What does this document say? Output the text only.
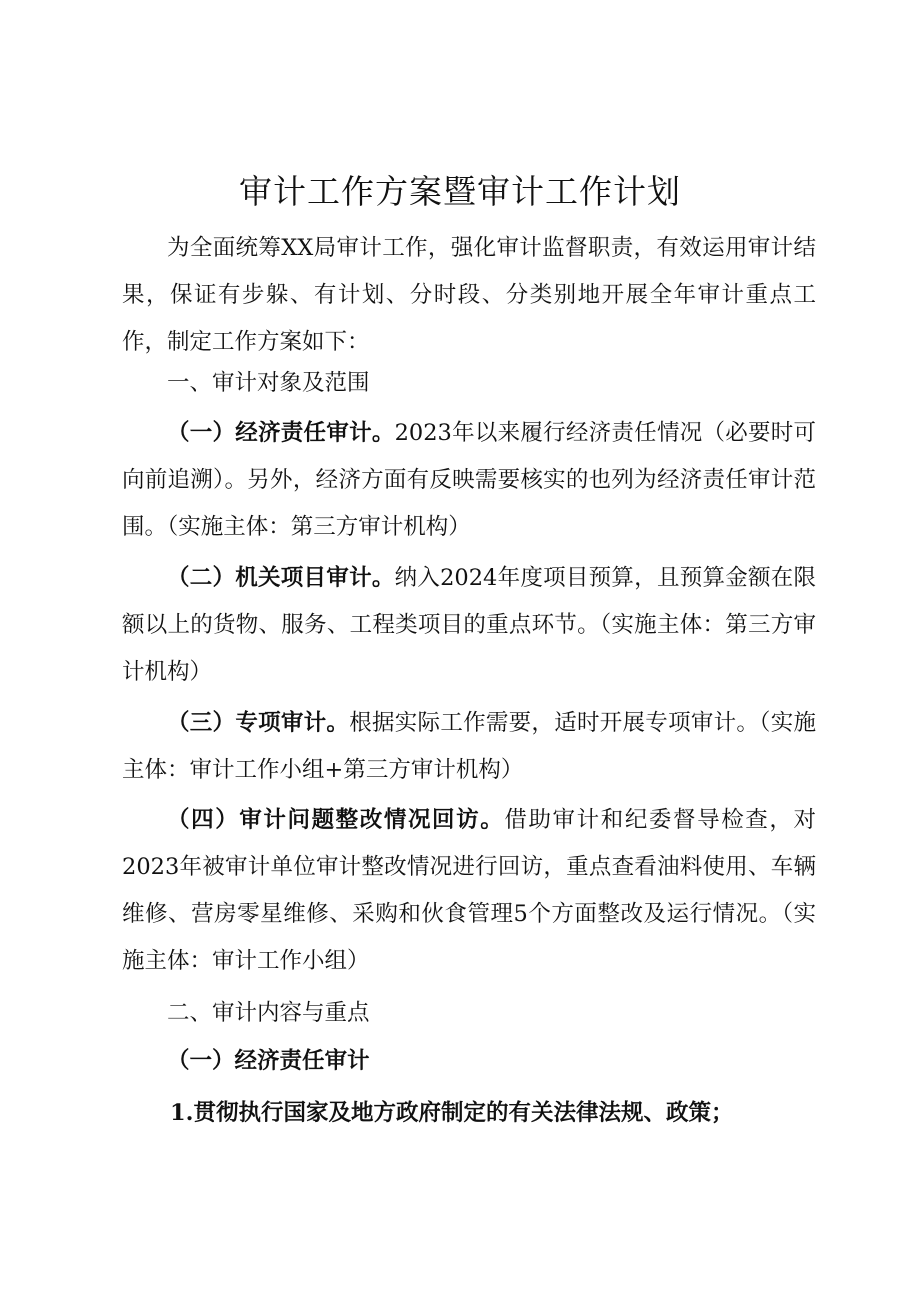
审计工作方案暨审计工作计划

为全面统筹XX局审计工作，强化审计监督职责，有效运用审计结果，保证有步躲、有计划、分时段、分类别地开展全年审计重点工作，制定工作方案如下：

一、审计对象及范围

（一）经济责任审计。2023年以来履行经济责任情况（必要时可向前追溯）。另外，经济方面有反映需要核实的也列为经济责任审计范围。（实施主体：第三方审计机构）

（二）机关项目审计。纳入2024年度项目预算，且预算金额在限额以上的货物、服务、工程类项目的重点环节。（实施主体：第三方审计机构）

（三）专项审计。根据实际工作需要，适时开展专项审计。（实施主体：审计工作小组+第三方审计机构）

（四）审计问题整改情况回访。借助审计和纪委督导检查，对2023年被审计单位审计整改情况进行回访，重点查看油料使用、车辆维修、营房零星维修、采购和伙食管理5个方面整改及运行情况。（实施主体：审计工作小组）

二、审计内容与重点
（一）经济责任审计

1.贯彻执行国家及地方政府制定的有关法律法规、政策；
